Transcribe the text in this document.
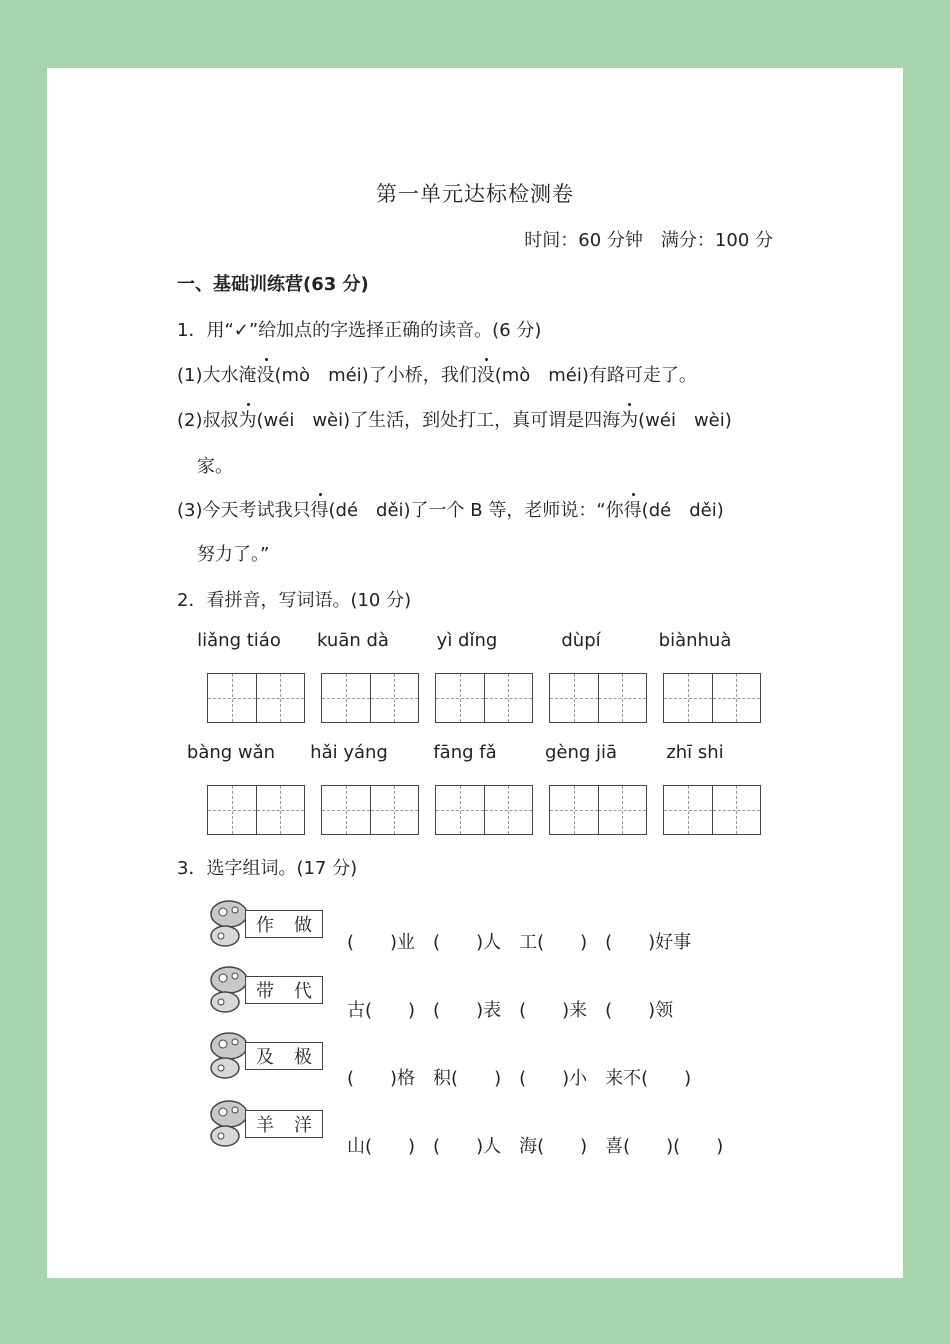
第一单元达标检测卷
时间：60 分钟　满分：100 分
一、基础训练营(63 分)
1．用“✓”给加点的字选择正确的读音。(6 分)
(1)大水淹没(mò　méi)了小桥，我们没(mò　méi)有路可走了。
(2)叔叔为(wéi　wèi)了生活，到处打工，真可谓是四海为(wéi　wèi)
家。
(3)今天考试我只得(dé　děi)了一个 B 等，老师说：“你得(dé　děi)
努力了。”
2．看拼音，写词语。(10 分)
liǎng tiáo	kuān dà	yì dǐng	dùpí	biànhuà
bàng wǎn	hǎi yáng	fāng fǎ	gèng jiā	zhī shi
3．选字组词。(17 分)
作 做
(　　)业　(　　)人　工(　　)　(　　)好事
带 代
古(　　)　(　　)表　(　　)来　(　　)领
及 极
(　　)格　积(　　)　(　　)小　来不(　　)
羊 洋
山(　　)　(　　)人　海(　　)　喜(　　)(　　)
